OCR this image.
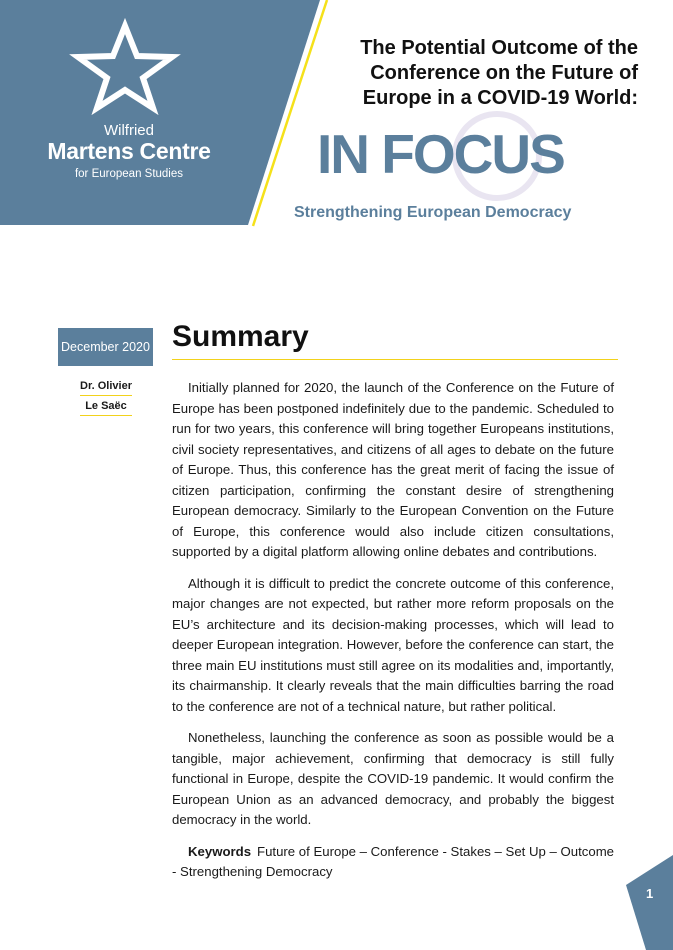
Wilfried
Martens Centre
for European Studies
The Potential Outcome of the Conference on the Future of Europe in a COVID-19 World:
IN FOCUS
Strengthening European Democracy
December 2020
Dr. Olivier
Le Saëc
Summary

Initially planned for 2020, the launch of the Conference on the Future of Europe has been postponed indefinitely due to the pandemic. Scheduled to run for two years, this conference will bring together Europeans institutions, civil society representatives, and citizens of all ages to debate on the future of Europe. Thus, this conference has the great merit of facing the issue of citizen participation, confirming the constant desire of strengthening European democracy. Similarly to the European Convention on the Future of Europe, this conference would also include citizen consultations, supported by a digital platform allowing online debates and contributions.

Although it is difficult to predict the concrete outcome of this conference, major changes are not expected, but rather more reform proposals on the EU’s architecture and its decision-making processes, which will lead to deeper European integration. However, before the conference can start, the three main EU institutions must still agree on its modalities and, importantly, its chairmanship. It clearly reveals that the main difficulties barring the road to the conference are not of a technical nature, but rather political.

Nonetheless, launching the conference as soon as possible would be a tangible, major achievement, confirming that democracy is still fully functional in Europe, despite the COVID-19 pandemic. It would confirm the European Union as an advanced democracy, and probably the biggest democracy in the world.

Keywords Future of Europe – Conference - Stakes – Set Up – Outcome - Strengthening Democracy

1
